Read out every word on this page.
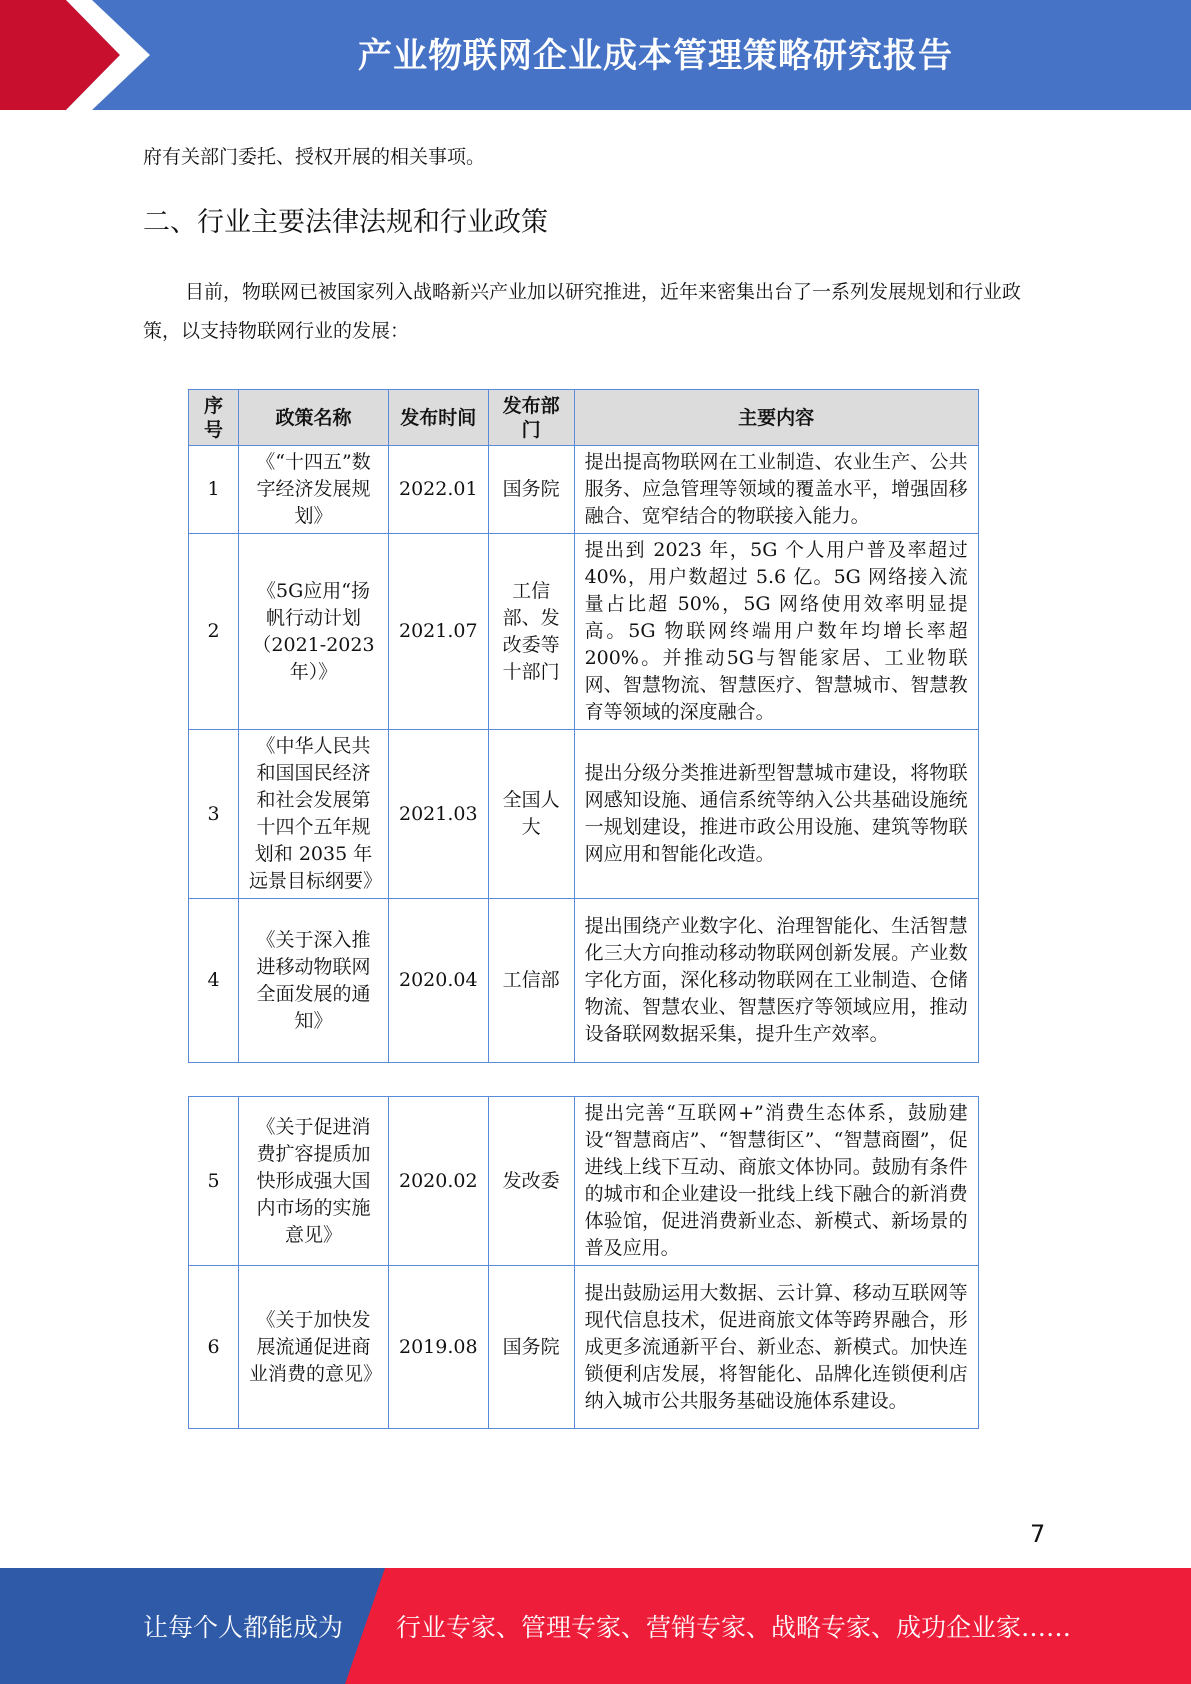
产业物联网企业成本管理策略研究报告
府有关部门委托、授权开展的相关事项。
二、行业主要法律法规和行业政策
目前，物联网已被国家列入战略新兴产业加以研究推进，近年来密集出台了一系列发展规划和行业政策，以支持物联网行业的发展：
序号	政策名称	发布时间	发布部门	主要内容
1	《“十四五”数字经济发展规划》	2022.01	国务院	提出提高物联网在工业制造、农业生产、公共服务、应急管理等领域的覆盖水平，增强固移融合、宽窄结合的物联接入能力。
2	《5G应用“扬帆行动计划（2021-2023年）》	2021.07	工信部、发改委等十部门	提出到 2023 年，5G 个人用户普及率超过 40%，用户数超过 5.6 亿。5G 网络接入流量占比超 50%，5G 网络使用效率明显提高。5G 物联网终端用户数年均增长率超 200%。并推动5G与智能家居、工业物联网、智慧物流、智慧医疗、智慧城市、智慧教育等领域的深度融合。
3	《中华人民共和国国民经济和社会发展第十四个五年规划和 2035 年远景目标纲要》	2021.03	全国人大	提出分级分类推进新型智慧城市建设，将物联网感知设施、通信系统等纳入公共基础设施统一规划建设，推进市政公用设施、建筑等物联网应用和智能化改造。
4	《关于深入推进移动物联网全面发展的通知》	2020.04	工信部	提出围绕产业数字化、治理智能化、生活智慧化三大方向推动移动物联网创新发展。产业数字化方面，深化移动物联网在工业制造、仓储物流、智慧农业、智慧医疗等领域应用，推动设备联网数据采集，提升生产效率。
5	《关于促进消费扩容提质加快形成强大国内市场的实施意见》	2020.02	发改委	提出完善“互联网+”消费生态体系，鼓励建设“智慧商店”、“智慧街区”、“智慧商圈”，促进线上线下互动、商旅文体协同。鼓励有条件的城市和企业建设一批线上线下融合的新消费体验馆，促进消费新业态、新模式、新场景的普及应用。
6	《关于加快发展流通促进商业消费的意见》	2019.08	国务院	提出鼓励运用大数据、云计算、移动互联网等现代信息技术，促进商旅文体等跨界融合，形成更多流通新平台、新业态、新模式。加快连锁便利店发展，将智能化、品牌化连锁便利店纳入城市公共服务基础设施体系建设。
7
让每个人都能成为 行业专家、管理专家、营销专家、战略专家、成功企业家……
